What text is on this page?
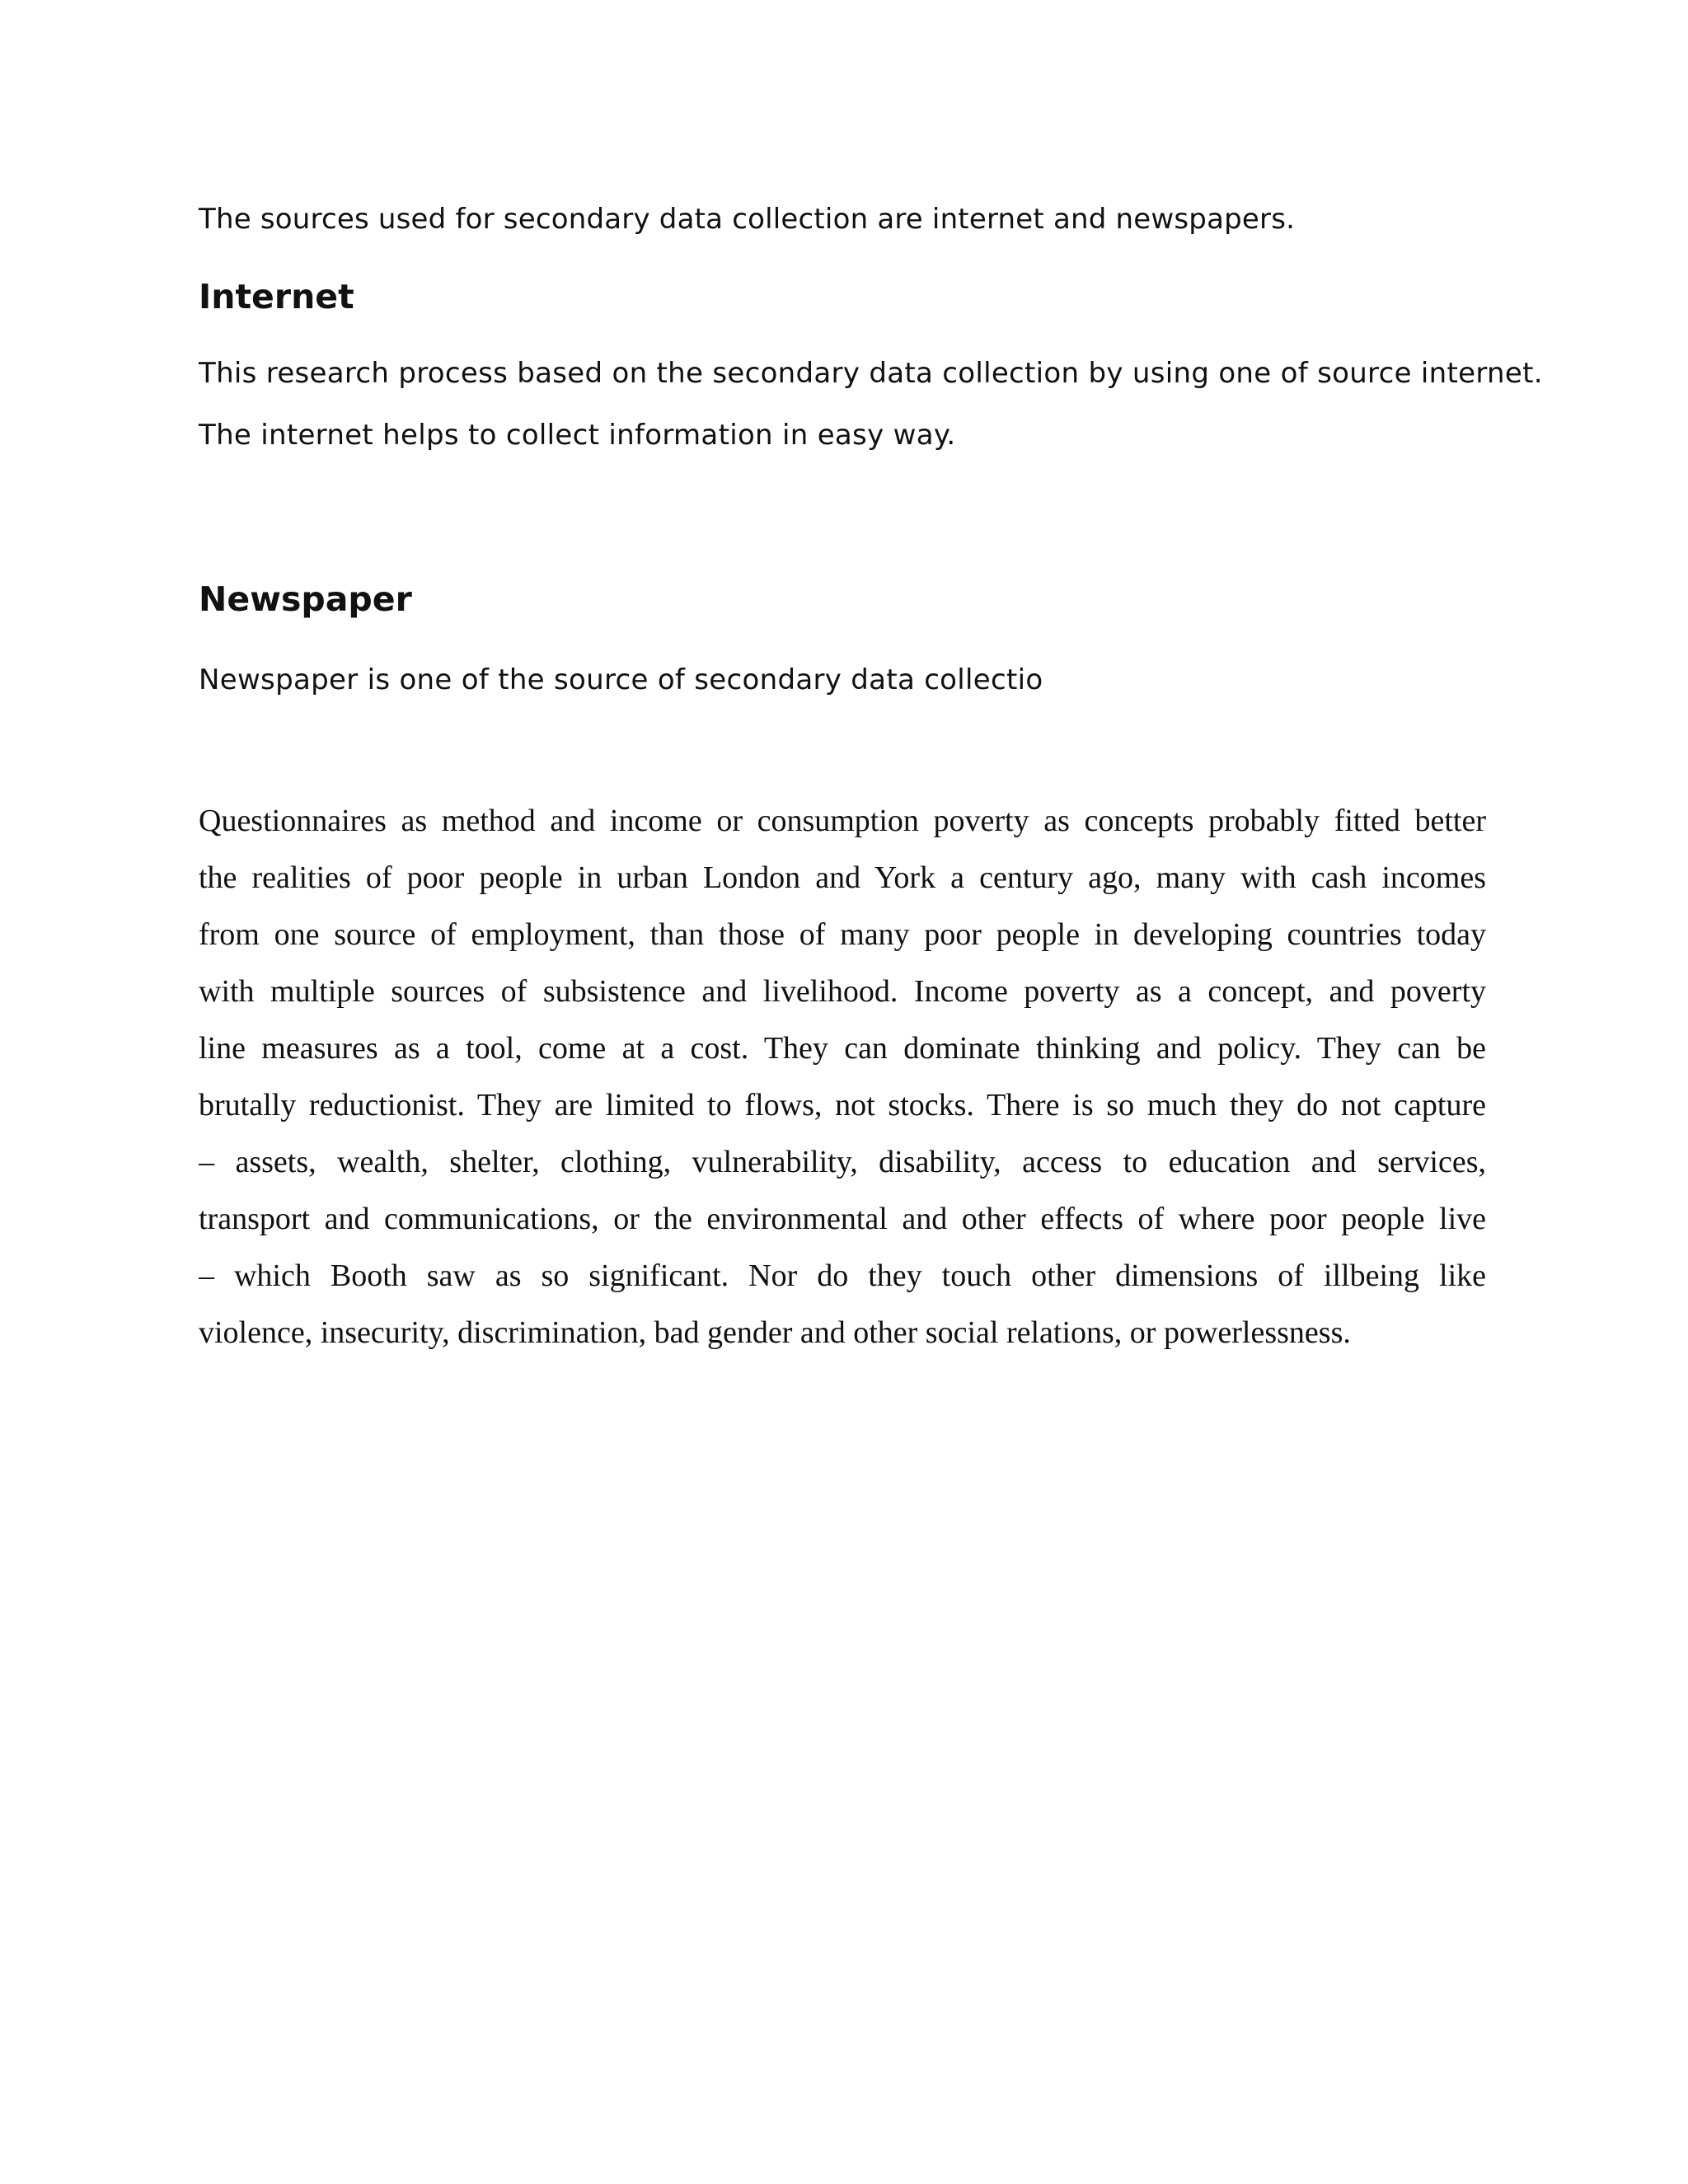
The sources used for secondary data collection are internet and newspapers.
Internet
This research process based on the secondary data collection by using one of source internet.
The internet helps to collect information in easy way.
Newspaper
Newspaper is one of the source of secondary data collectio
Questionnaires as method and income or consumption poverty as concepts probably fitted better
the realities of poor people in urban London and York a century ago, many with cash incomes
from one source of employment, than those of many poor people in developing countries today
with multiple sources of subsistence and livelihood. Income poverty as a concept, and poverty
line measures as a tool, come at a cost. They can dominate thinking and policy. They can be
brutally reductionist. They are limited to flows, not stocks. There is so much they do not capture
– assets, wealth, shelter, clothing, vulnerability, disability, access to education and services,
transport and communications, or the environmental and other effects of where poor people live
– which Booth saw as so significant. Nor do they touch other dimensions of illbeing like
violence, insecurity, discrimination, bad gender and other social relations, or powerlessness.
